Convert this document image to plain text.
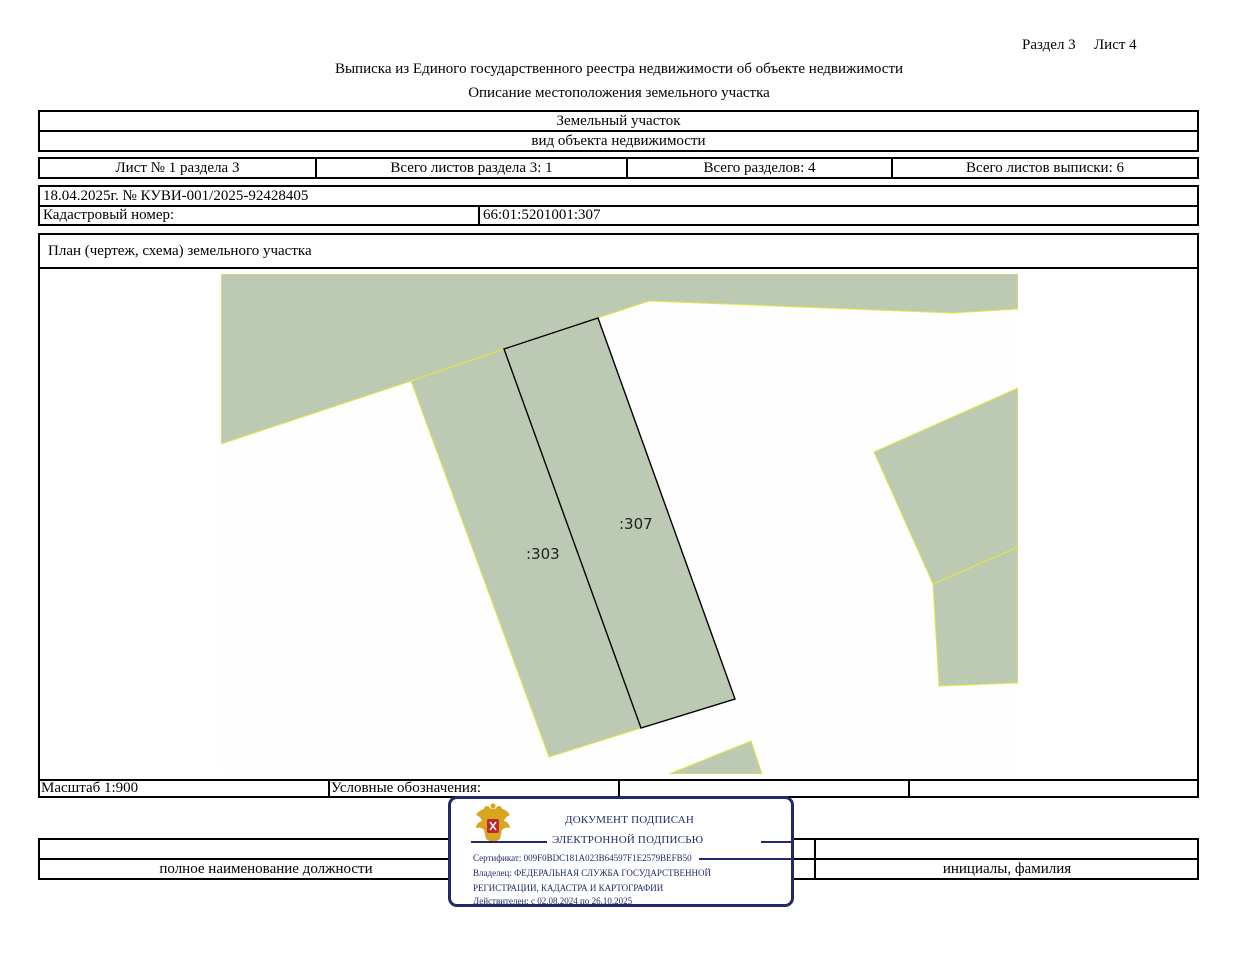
Раздел 3 Лист 4
Выписка из Единого государственного реестра недвижимости об объекте недвижимости
Описание местоположения земельного участка
Земельный участок
вид объекта недвижимости
Лист № 1 раздела 3	Всего листов раздела 3: 1	Всего разделов: 4	Всего листов выписки: 6
18.04.2025г. № КУВИ-001/2025-92428405
Кадастровый номер:	66:01:5201001:307
План (чертеж, схема) земельного участка
:303
:307
Масштаб 1:900	Условные обозначения:
полное наименование должности	инициалы, фамилия
ДОКУМЕНТ ПОДПИСАН
ЭЛЕКТРОННОЙ ПОДПИСЬЮ
Сертификат: 009F0BDC181A023B64597F1E2579BEFB50
Владелец: ФЕДЕРАЛЬНАЯ СЛУЖБА ГОСУДАРСТВЕННОЙ
РЕГИСТРАЦИИ, КАДАСТРА И КАРТОГРАФИИ
Действителен: с 02.08.2024 по 26.10.2025
